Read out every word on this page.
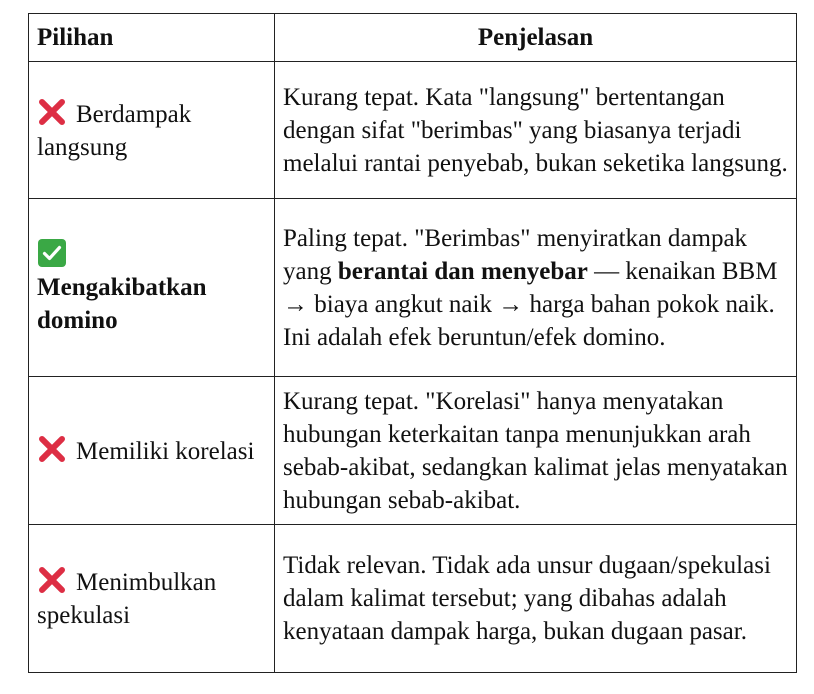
Pilihan	Penjelasan

Berdampak langsung	Kurang tepat. Kata "langsung" bertentangan dengan sifat "berimbas" yang biasanya terjadi melalui rantai penyebab, bukan seketika langsung.

Mengakibatkan domino	Paling tepat. "Berimbas" menyiratkan dampak yang berantai dan menyebar — kenaikan BBM → biaya angkut naik → harga bahan pokok naik. Ini adalah efek beruntun/efek domino.

Memiliki korelasi	Kurang tepat. "Korelasi" hanya menyatakan hubungan keterkaitan tanpa menunjukkan arah sebab-akibat, sedangkan kalimat jelas menyatakan hubungan sebab-akibat.

Menimbulkan spekulasi	Tidak relevan. Tidak ada unsur dugaan/spekulasi dalam kalimat tersebut; yang dibahas adalah kenyataan dampak harga, bukan dugaan pasar.
